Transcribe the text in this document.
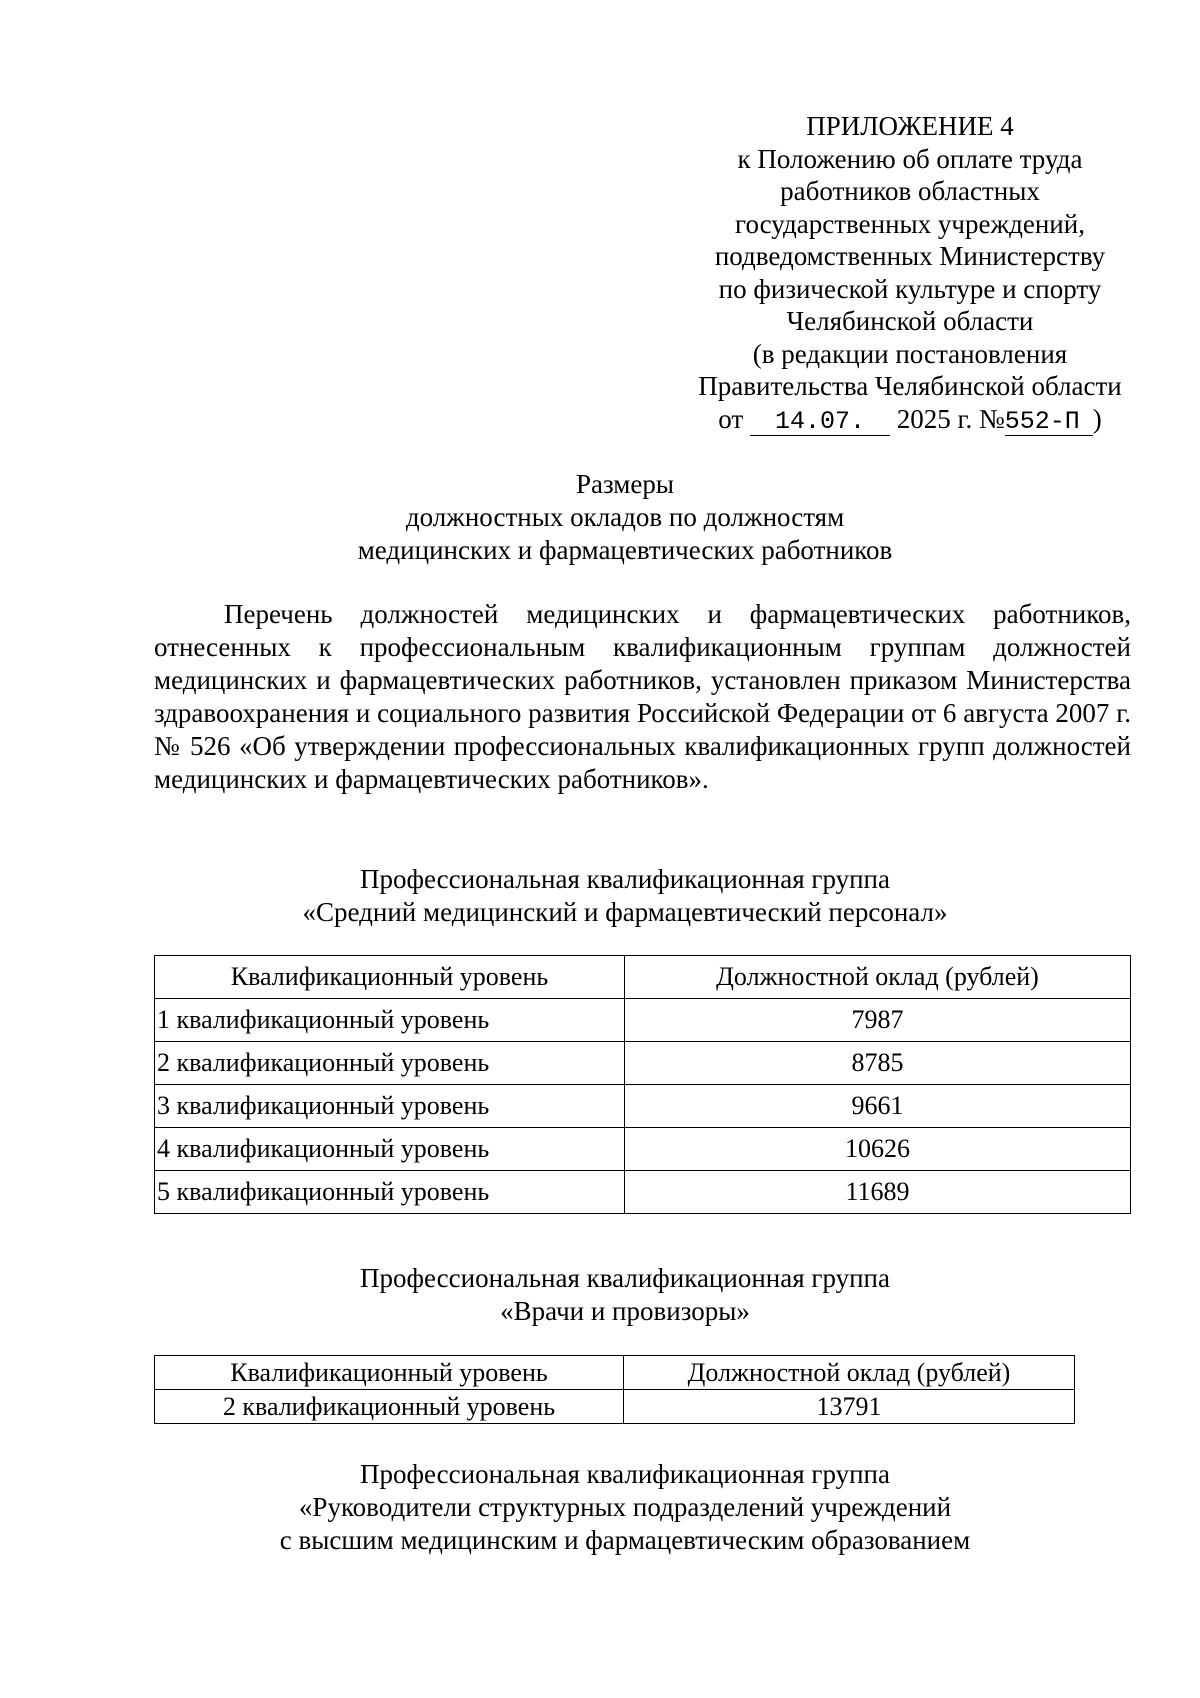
ПРИЛОЖЕНИЕ 4
к Положению об оплате труда
работников областных
государственных учреждений,
подведомственных Министерству
по физической культуре и спорту
Челябинской области
(в редакции постановления
Правительства Челябинской области
от 14.07. 2025 г. №552-П )
Размеры
должностных окладов по должностям
медицинских и фармацевтических работников
Перечень должностей медицинских и фармацевтических работников, отнесенных к профессиональным квалификационным группам должностей медицинских и фармацевтических работников, установлен приказом Министерства здравоохранения и социального развития Российской Федерации от 6 августа 2007 г. № 526 «Об утверждении профессиональных квалификационных групп должностей медицинских и фармацевтических работников».
Профессиональная квалификационная группа
«Средний медицинский и фармацевтический персонал»
Квалификационный уровень	Должностной оклад (рублей)
1 квалификационный уровень	7987
2 квалификационный уровень	8785
3 квалификационный уровень	9661
4 квалификационный уровень	10626
5 квалификационный уровень	11689
Профессиональная квалификационная группа
«Врачи и провизоры»
Квалификационный уровень	Должностной оклад (рублей)
2 квалификационный уровень	13791
Профессиональная квалификационная группа
«Руководители структурных подразделений учреждений
с высшим медицинским и фармацевтическим образованием
